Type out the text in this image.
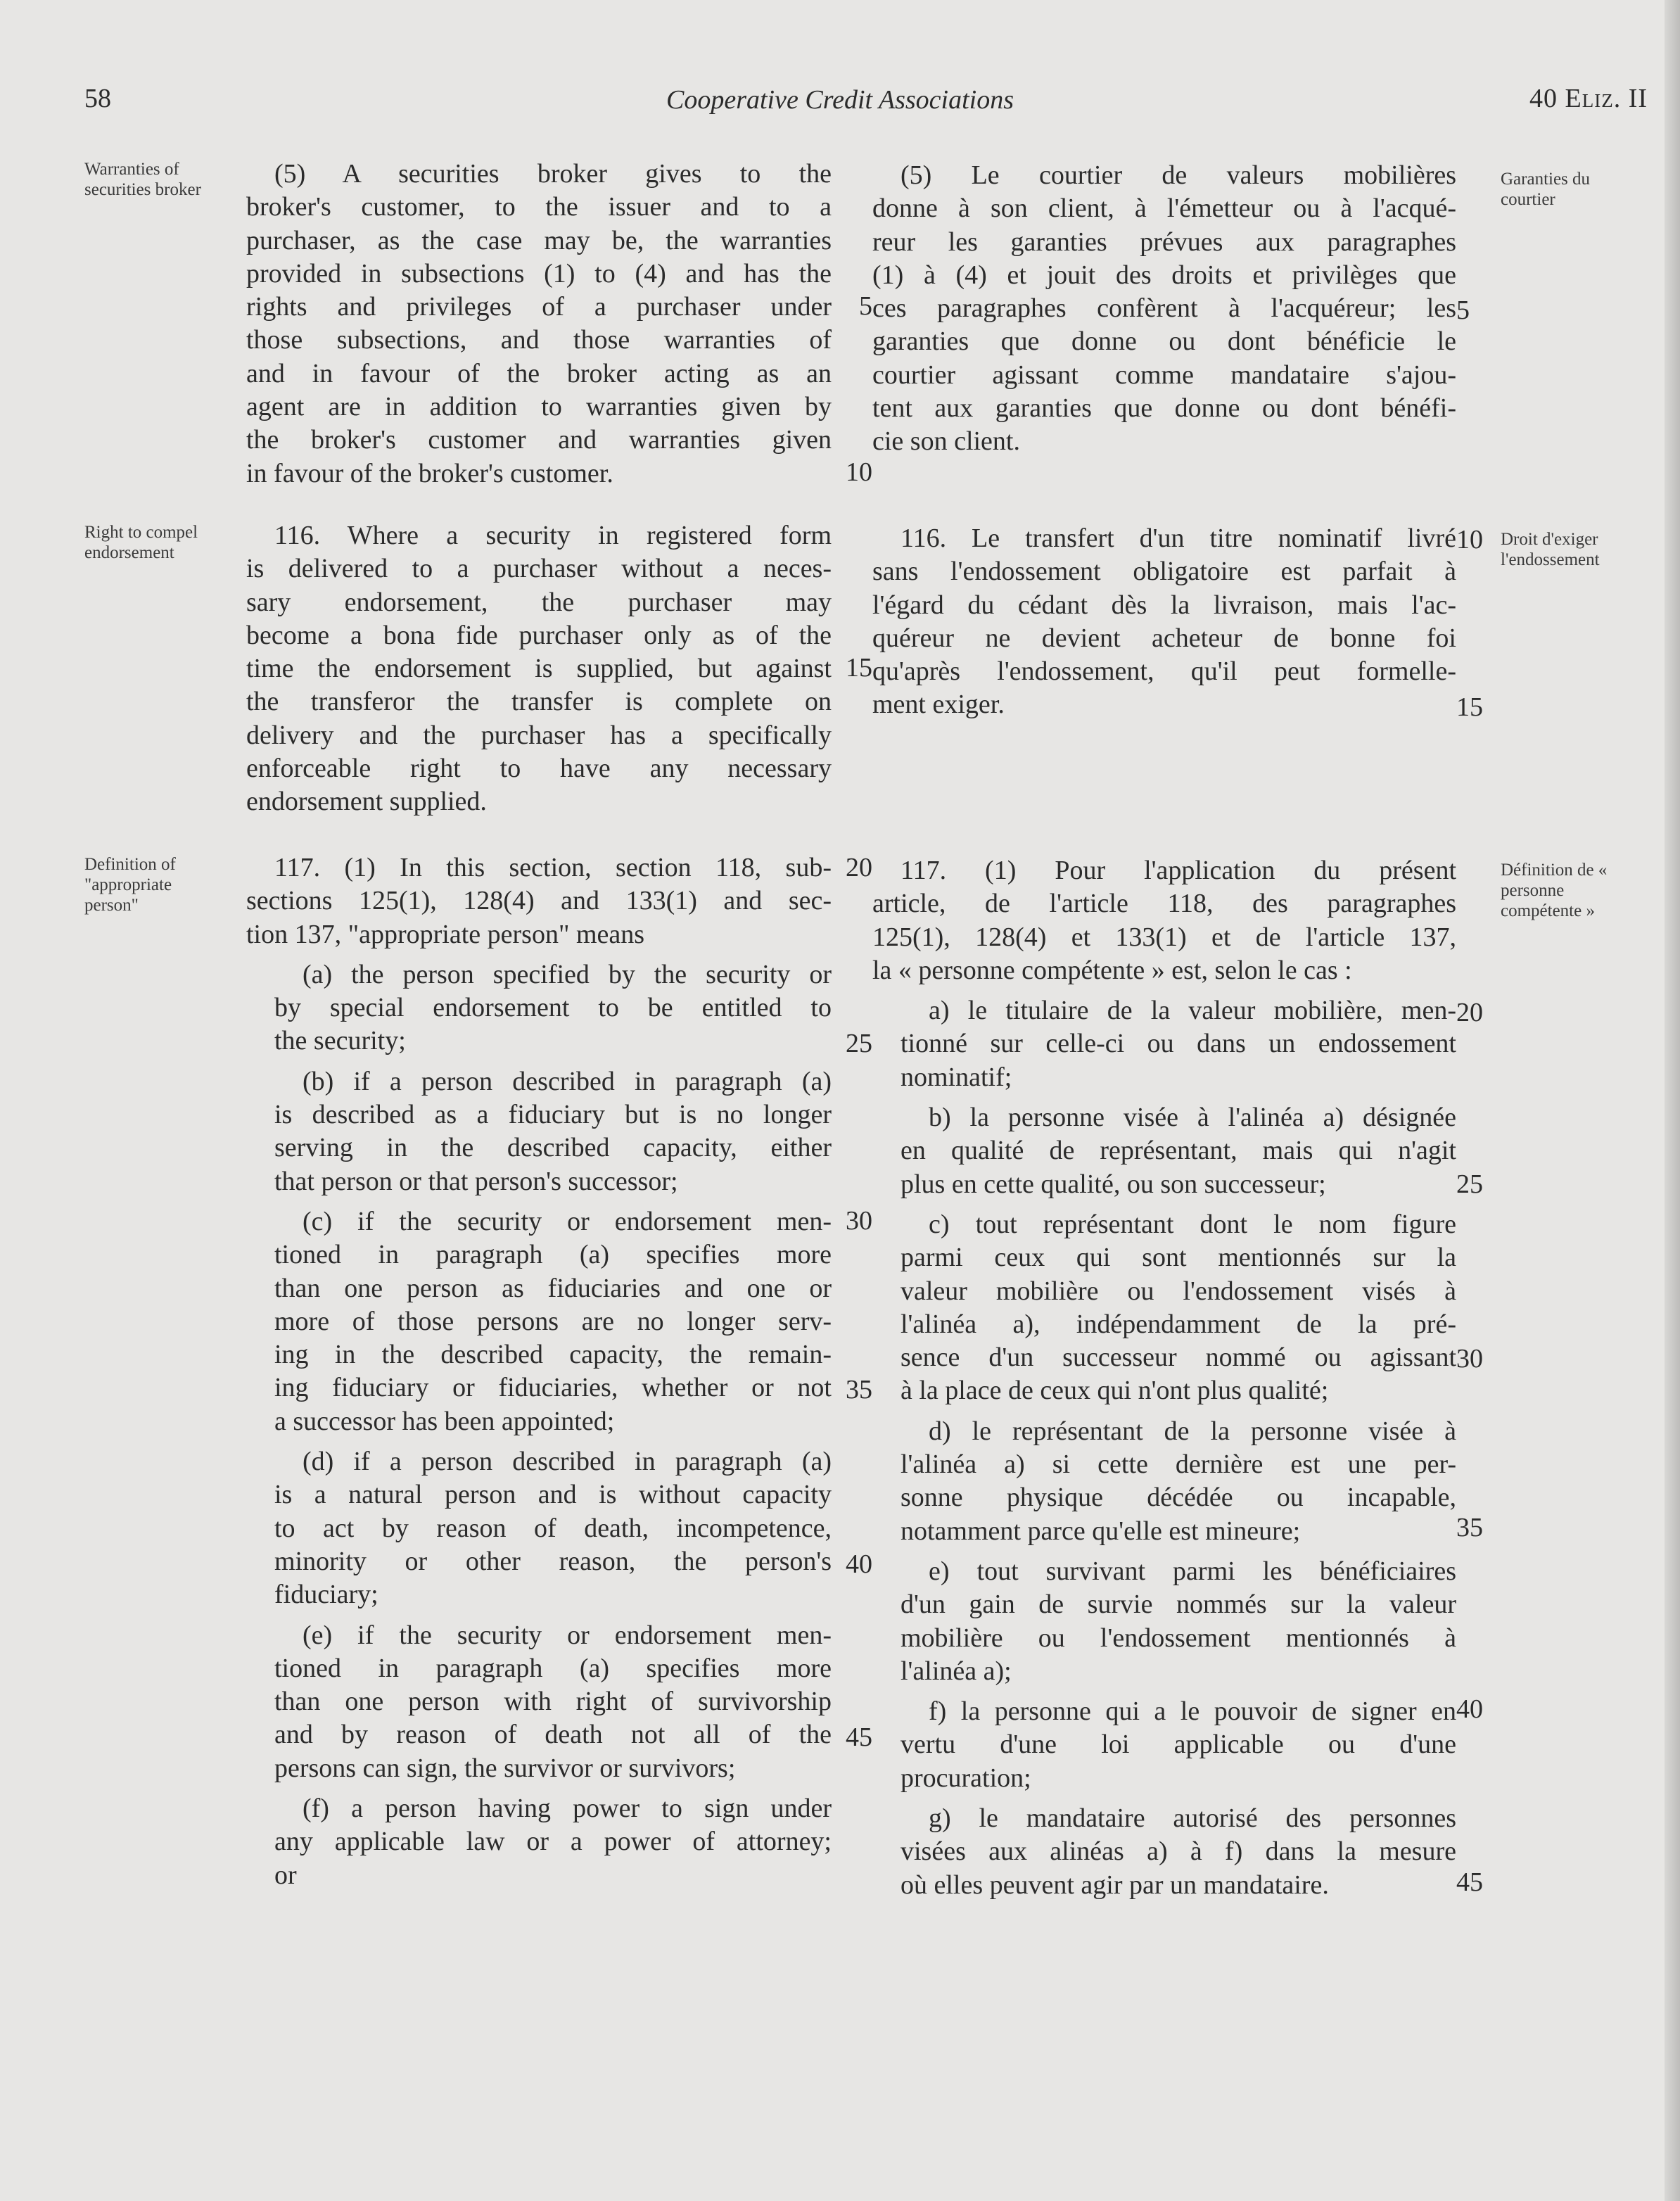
58	Cooperative Credit Associations	40 Eliz. II
Warranties of securities broker
Garanties du courtier
Right to compel endorsement
Droit d'exiger l'endossement
Definition of "appropriate person"
Définition de « personne compétente »
(5) A securities broker gives to the
broker's customer, to the issuer and to a
purchaser, as the case may be, the warranties
provided in subsections (1) to (4) and has the
rights and privileges of a purchaser under
those subsections, and those warranties of
and in favour of the broker acting as an
agent are in addition to warranties given by
the broker's customer and warranties given
in favour of the broker's customer.
116. Where a security in registered form
is delivered to a purchaser without a neces-
sary endorsement, the purchaser may
become a bona fide purchaser only as of the
time the endorsement is supplied, but against
the transferor the transfer is complete on
delivery and the purchaser has a specifically
enforceable right to have any necessary
endorsement supplied.
117. (1) In this section, section 118, sub-
sections 125(1), 128(4) and 133(1) and sec-
tion 137, "appropriate person" means
(a) the person specified by the security or
by special endorsement to be entitled to
the security;
(b) if a person described in paragraph (a)
is described as a fiduciary but is no longer
serving in the described capacity, either
that person or that person's successor;
(c) if the security or endorsement men-
tioned in paragraph (a) specifies more
than one person as fiduciaries and one or
more of those persons are no longer serv-
ing in the described capacity, the remain-
ing fiduciary or fiduciaries, whether or not
a successor has been appointed;
(d) if a person described in paragraph (a)
is a natural person and is without capacity
to act by reason of death, incompetence,
minority or other reason, the person's
fiduciary;
(e) if the security or endorsement men-
tioned in paragraph (a) specifies more
than one person with right of survivorship
and by reason of death not all of the
persons can sign, the survivor or survivors;
(f) a person having power to sign under
any applicable law or a power of attorney;
or
(5) Le courtier de valeurs mobilières
donne à son client, à l'émetteur ou à l'acqué-
reur les garanties prévues aux paragraphes
(1) à (4) et jouit des droits et privilèges que
ces paragraphes confèrent à l'acquéreur; les
garanties que donne ou dont bénéficie le
courtier agissant comme mandataire s'ajou-
tent aux garanties que donne ou dont bénéfi-
cie son client.
116. Le transfert d'un titre nominatif livré
sans l'endossement obligatoire est parfait à
l'égard du cédant dès la livraison, mais l'ac-
quéreur ne devient acheteur de bonne foi
qu'après l'endossement, qu'il peut formelle-
ment exiger.
117. (1) Pour l'application du présent
article, de l'article 118, des paragraphes
125(1), 128(4) et 133(1) et de l'article 137,
la « personne compétente » est, selon le cas :
a) le titulaire de la valeur mobilière, men-
tionné sur celle-ci ou dans un endossement
nominatif;
b) la personne visée à l'alinéa a) désignée
en qualité de représentant, mais qui n'agit
plus en cette qualité, ou son successeur;
c) tout représentant dont le nom figure
parmi ceux qui sont mentionnés sur la
valeur mobilière ou l'endossement visés à
l'alinéa a), indépendamment de la pré-
sence d'un successeur nommé ou agissant
à la place de ceux qui n'ont plus qualité;
d) le représentant de la personne visée à
l'alinéa a) si cette dernière est une per-
sonne physique décédée ou incapable,
notamment parce qu'elle est mineure;
e) tout survivant parmi les bénéficiaires
d'un gain de survie nommés sur la valeur
mobilière ou l'endossement mentionnés à
l'alinéa a);
f) la personne qui a le pouvoir de signer en
vertu d'une loi applicable ou d'une
procuration;
g) le mandataire autorisé des personnes
visées aux alinéas a) à f) dans la mesure
où elles peuvent agir par un mandataire.
5
10
15
20
25
30
35
40
45
5
10
15
20
25
30
35
40
45
